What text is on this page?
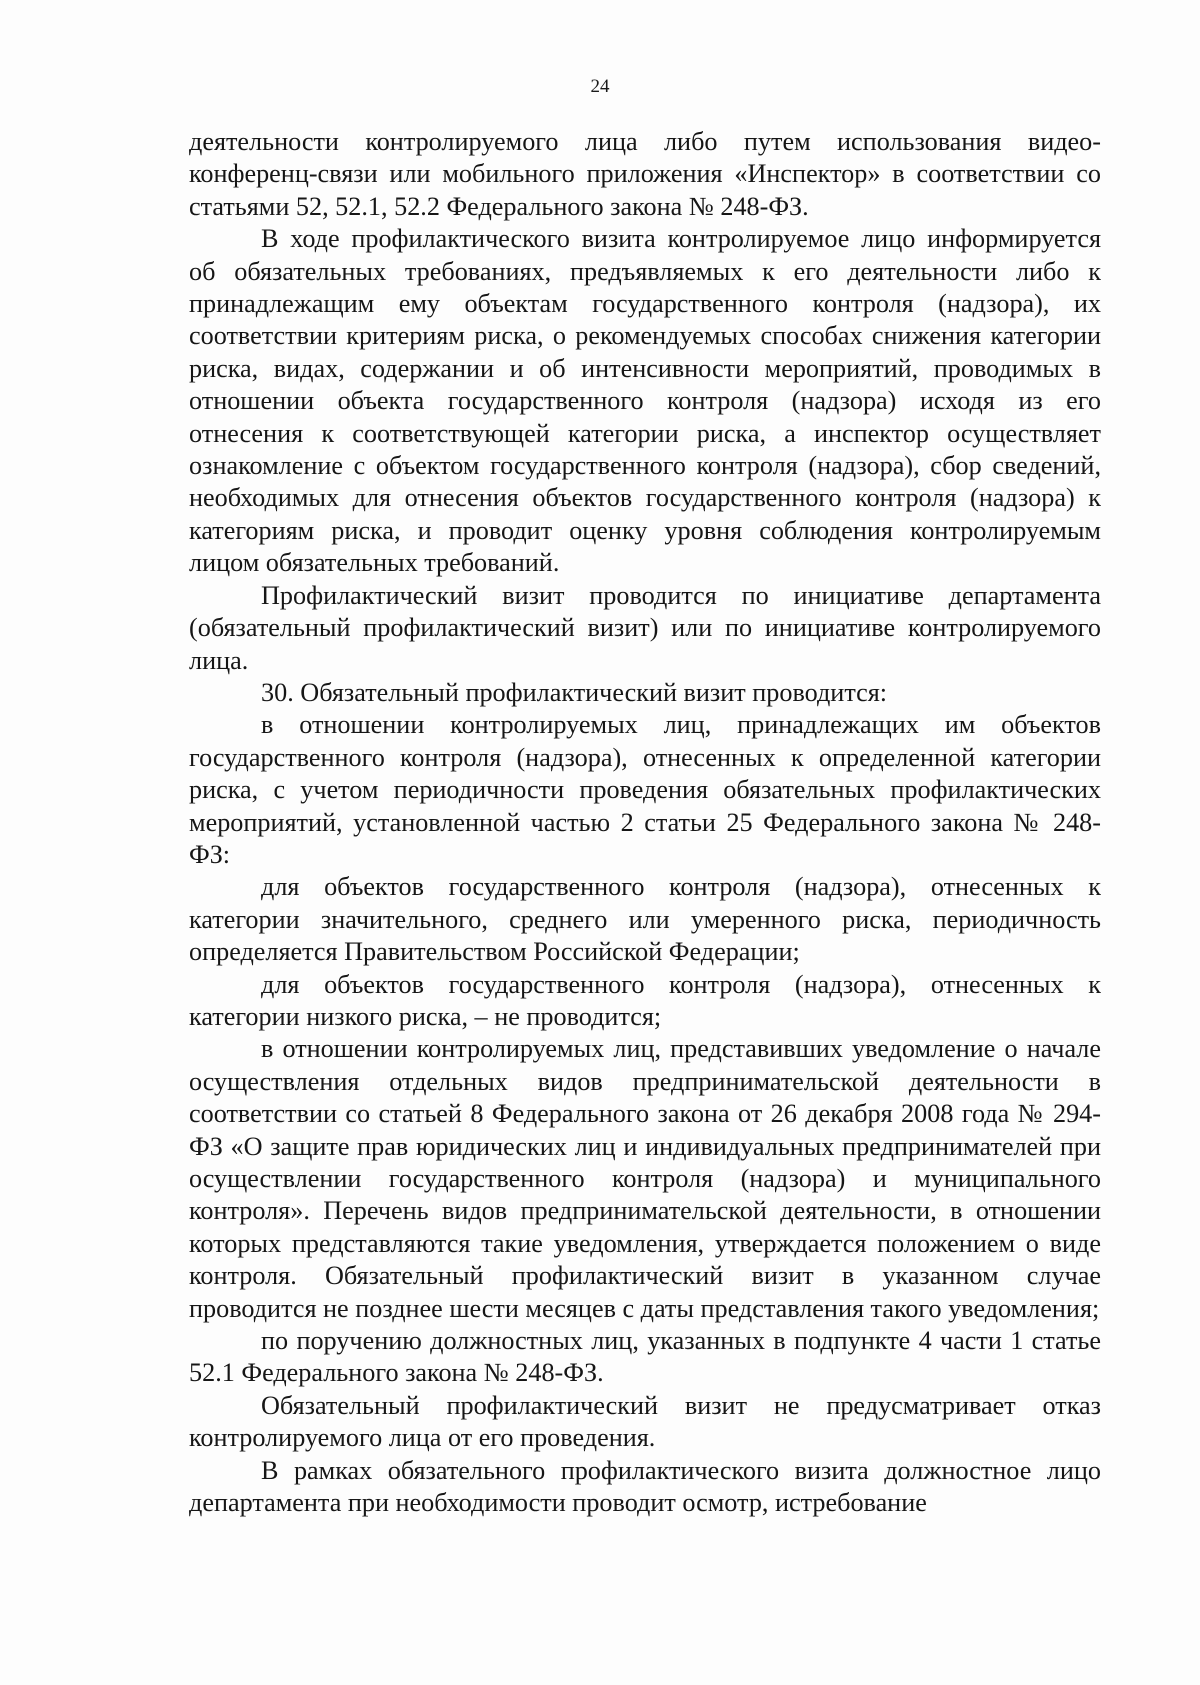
24

деятельности контролируемого лица либо путем использования видео-конференц-связи или мобильного приложения «Инспектор» в соответствии со статьями 52, 52.1, 52.2 Федерального закона № 248-ФЗ.

В ходе профилактического визита контролируемое лицо информируется об обязательных требованиях, предъявляемых к его деятельности либо к принадлежащим ему объектам государственного контроля (надзора), их соответствии критериям риска, о рекомендуемых способах снижения категории риска, видах, содержании и об интенсивности мероприятий, проводимых в отношении объекта государственного контроля (надзора) исходя из его отнесения к соответствующей категории риска, а инспектор осуществляет ознакомление с объектом государственного контроля (надзора), сбор сведений, необходимых для отнесения объектов государственного контроля (надзора) к категориям риска, и проводит оценку уровня соблюдения контролируемым лицом обязательных требований.

Профилактический визит проводится по инициативе департамента (обязательный профилактический визит) или по инициативе контролируемого лица.

30. Обязательный профилактический визит проводится:

в отношении контролируемых лиц, принадлежащих им объектов государственного контроля (надзора), отнесенных к определенной категории риска, с учетом периодичности проведения обязательных профилактических мероприятий, установленной частью 2 статьи 25 Федерального закона № 248-ФЗ:

для объектов государственного контроля (надзора), отнесенных к категории значительного, среднего или умеренного риска, периодичность определяется Правительством Российской Федерации;

для объектов государственного контроля (надзора), отнесенных к категории низкого риска, – не проводится;

в отношении контролируемых лиц, представивших уведомление о начале осуществления отдельных видов предпринимательской деятельности в соответствии со статьей 8 Федерального закона от 26 декабря 2008 года № 294-ФЗ «О защите прав юридических лиц и индивидуальных предпринимателей при осуществлении государственного контроля (надзора) и муниципального контроля». Перечень видов предпринимательской деятельности, в отношении которых представляются такие уведомления, утверждается положением о виде контроля. Обязательный профилактический визит в указанном случае проводится не позднее шести месяцев с даты представления такого уведомления;

по поручению должностных лиц, указанных в подпункте 4 части 1 статье 52.1 Федерального закона № 248-ФЗ.

Обязательный профилактический визит не предусматривает отказ контролируемого лица от его проведения.

В рамках обязательного профилактического визита должностное лицо департамента при необходимости проводит осмотр, истребование
